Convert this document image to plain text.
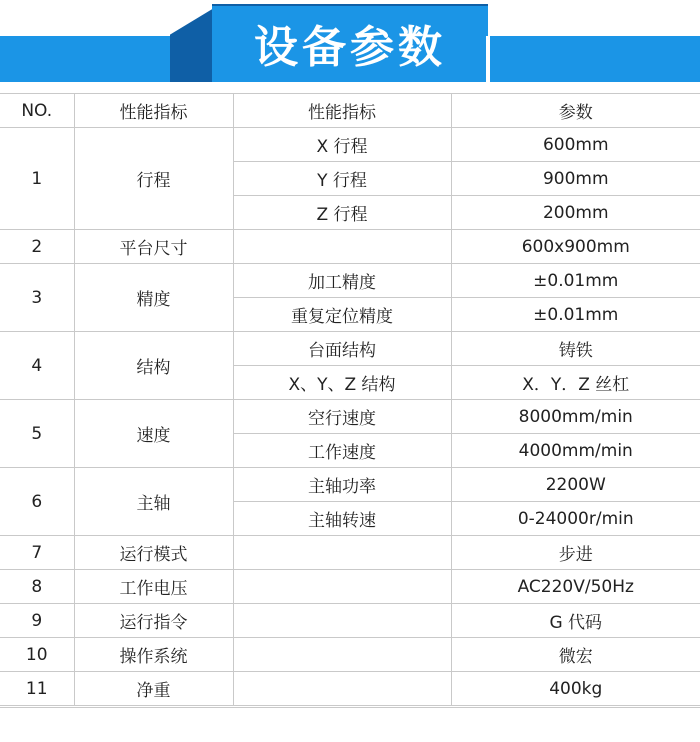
设备参数
NO.	性能指标	性能指标	参数
1	行程	X 行程	600mm
		Y 行程	900mm
		Z 行程	200mm
2	平台尺寸		600x900mm
3	精度	加工精度	±0.01mm
		重复定位精度	±0.01mm
4	结构	台面结构	铸铁
		X、Y、Z 结构	X．Y．Z 丝杠
5	速度	空行速度	8000mm/min
		工作速度	4000mm/min
6	主轴	主轴功率	2200W
		主轴转速	0-24000r/min
7	运行模式		步进
8	工作电压		AC220V/50Hz
9	运行指令		G 代码
10	操作系统		微宏
11	净重		400kg
